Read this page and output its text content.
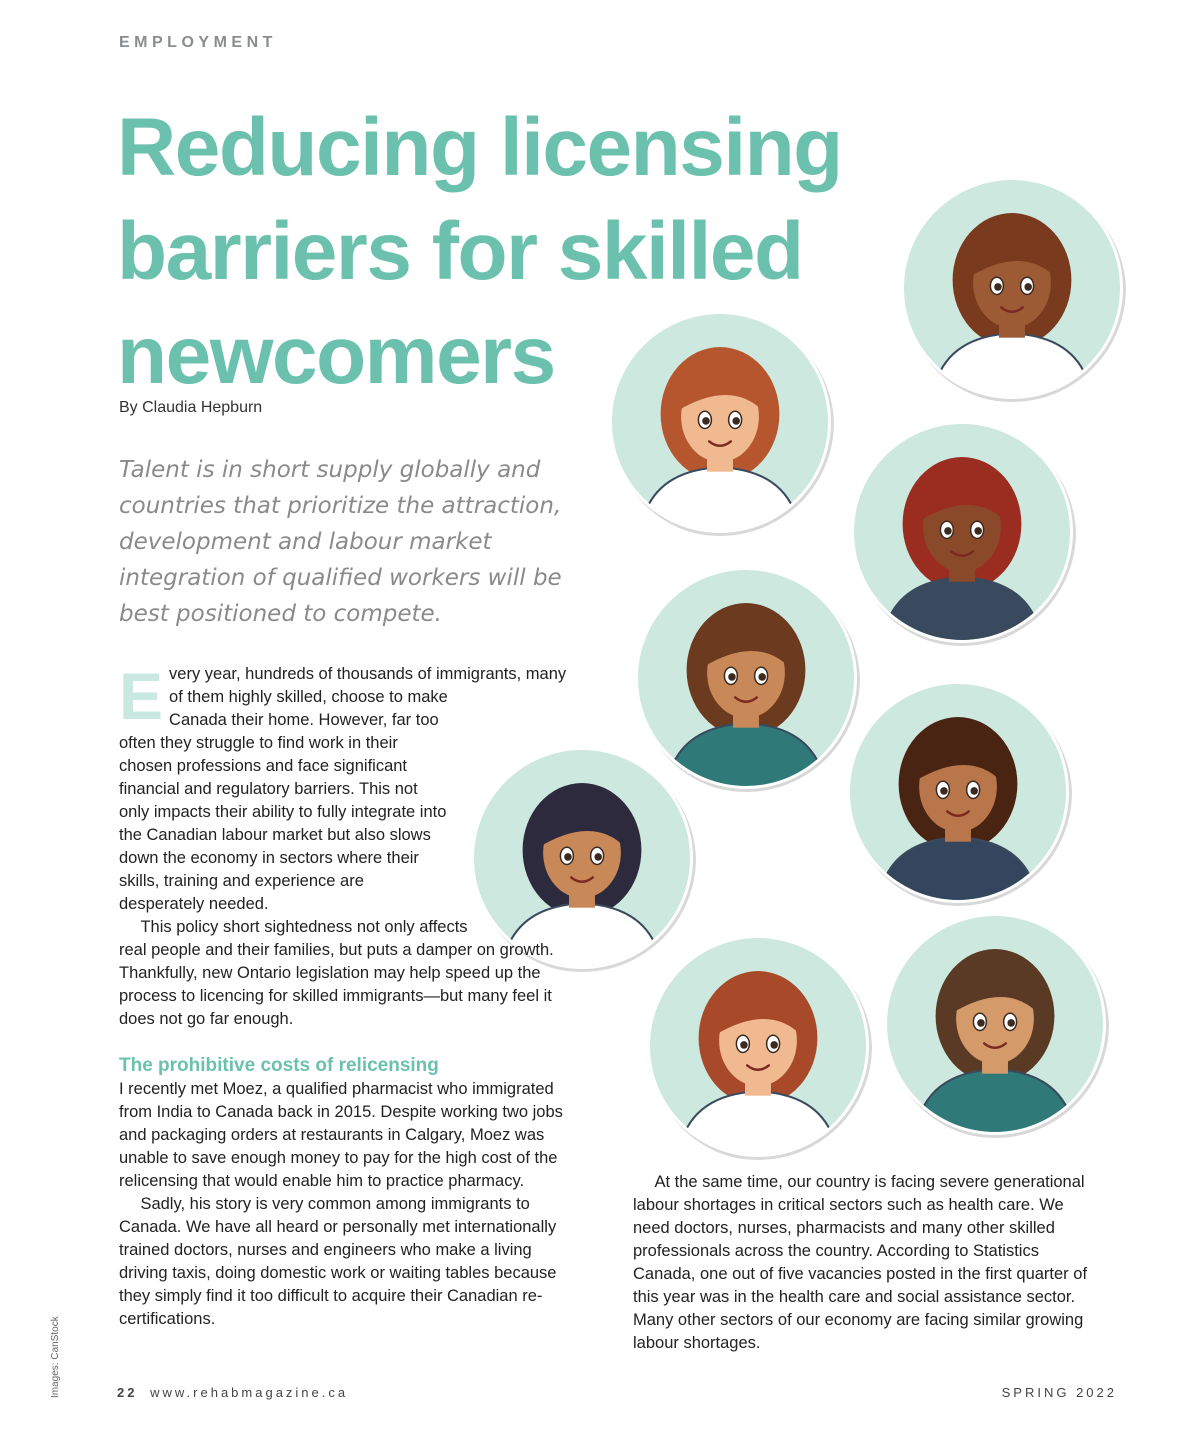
EMPLOYMENT
Reducing licensing barriers for skilled newcomers
By Claudia Hepburn

Talent is in short supply globally and countries that prioritize the attraction, development and labour market integration of qualified workers will be best positioned to compete.

Every year, hundreds of thousands of immigrants, many of them highly skilled, choose to make Canada their home. However, far too often they struggle to find work in their chosen professions and face significant financial and regulatory barriers. This not only impacts their ability to fully integrate into the Canadian labour market but also slows down the economy in sectors where their skills, training and experience are desperately needed.

This policy short sightedness not only affects real people and their families, but puts a damper on growth. Thankfully, new Ontario legislation may help speed up the process to licencing for skilled immigrants—but many feel it does not go far enough.

The prohibitive costs of relicensing

I recently met Moez, a qualified pharmacist who immigrated from India to Canada back in 2015. Despite working two jobs and packaging orders at restaurants in Calgary, Moez was unable to save enough money to pay for the high cost of the relicensing that would enable him to practice pharmacy.

Sadly, his story is very common among immigrants to Canada. We have all heard or personally met internationally trained doctors, nurses and engineers who make a living driving taxis, doing domestic work or waiting tables because they simply find it too difficult to acquire their Canadian re- certifications.

At the same time, our country is facing severe generational labour shortages in critical sectors such as health care. We need doctors, nurses, pharmacists and many other skilled professionals across the country. According to Statistics Canada, one out of five vacancies posted in the first quarter of this year was in the health care and social assistance sector. Many other sectors of our economy are facing similar growing labour shortages.

22 www.rehabmagazine.ca	SPRING 2022
Images: CanStock
